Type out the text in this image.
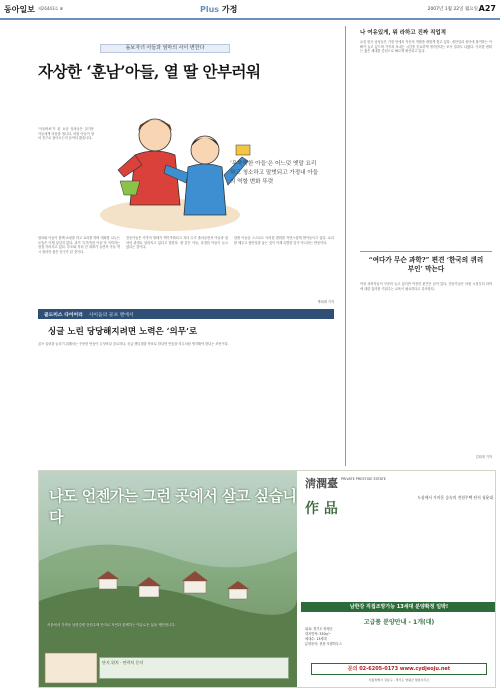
동아일보 제26443호 ⑧	Plus 가정	2007년 1월 22일 월요일 A27
돌보자녀 아들과 엄마의 사이 변한다
자상한 ‘훈남’아들, 열 딸 안부러워
‘아들바보’가 된 요즘 엄마들은 살가운 아들에게 마음을 엽니다. 어떤 아들이 엄마 친구로 돌아오는지 들여다 봤습니다.
‘무뚝뚝한 아들’은 어느덧 옛말 요리하고 청소하고 말벗되고 가정내 아들의 역할 변화 뚜렷
엄마와 아들이 함께 쇼핑을 하고 요리를 하며 대화를 나누는 모습은 이제 낯설지 않다. 과거 ‘무뚝뚝한 아들’의 이미지는 점점 사라지고 있다. 부모와 자녀 간 대화가 늘면서 아들 역시 엄마의 좋은 친구가 된 것이다.
전문가들은 가족의 형태가 핵가족화되고 자녀 수가 줄어들면서 아들과 엄마의 관계도 달라지고 있다고 말한다. 딸 같은 아들, 다정한 아들이 늘고 있다는 것이다.
한편 아들들 스스로도 이러한 변화를 자연스럽게 받아들이고 있다. 요리를 배우고 집안일을 돕는 것이 이제 특별한 일이 아니라는 반응이다.
박희제 기자
나 여유있게, 뭐 라하고 진짜 직업적
요즘 한국 남성들은 가정 안에서 자신의 역할을 새롭게 찾고 있다. 집안일과 육아에 참여하는 아빠가 늘고 있으며 가족과 보내는 시간을 중요하게 생각한다는 조사 결과도 나왔다. 이러한 변화는 젊은 세대를 중심으로 빠르게 확산되고 있다.
“여다가 무슨 과학?” 편견 ‘한국의 퀴리부인’ 막는다
여성 과학자들이 꾸준히 늘고 있지만 여전히 편견은 남아 있다. 전문가들은 어린 시절부터 과학에 대한 흥미를 키워주는 교육이 필요하다고 강조한다.
김희정 기자
골드미스 다이어리 사이음의 골프 멘에서
싱글 노린 당당해지려면 노력은 ‘의무’로
골프 실력을 늘리기 위해서는 꾸준한 연습이 무엇보다 중요하다. 싱글 핸디캡을 목표로 한다면 연습을 의무처럼 생각해야 한다는 조언이다.
나도 언젠가는 그런 곳에서 살고 싶습니다
서울에서 가까운 남한강변 전원주택 단지로 자연과 함께하는 여유로운 삶을 제안합니다.
단지 위치 · 연락처 문의
淸潤臺 PRIVATE PRESTIGE ESTATE
作 品
도심에서 가까운 숲속의 전원주택 단지 청윤대
남한강 직접조망가능 13세대 분양확정 임박!
고급품 분양안내 - 1개(대)
위치: 경기도 양평군
대지면적: 330㎡~
세대수: 13세대
분양문의: 현장 모델하우스
문의 02-6205-0173 www.cydjeoju.net
서울특별시 강남구 · 경기도 양평군 현장사무소
